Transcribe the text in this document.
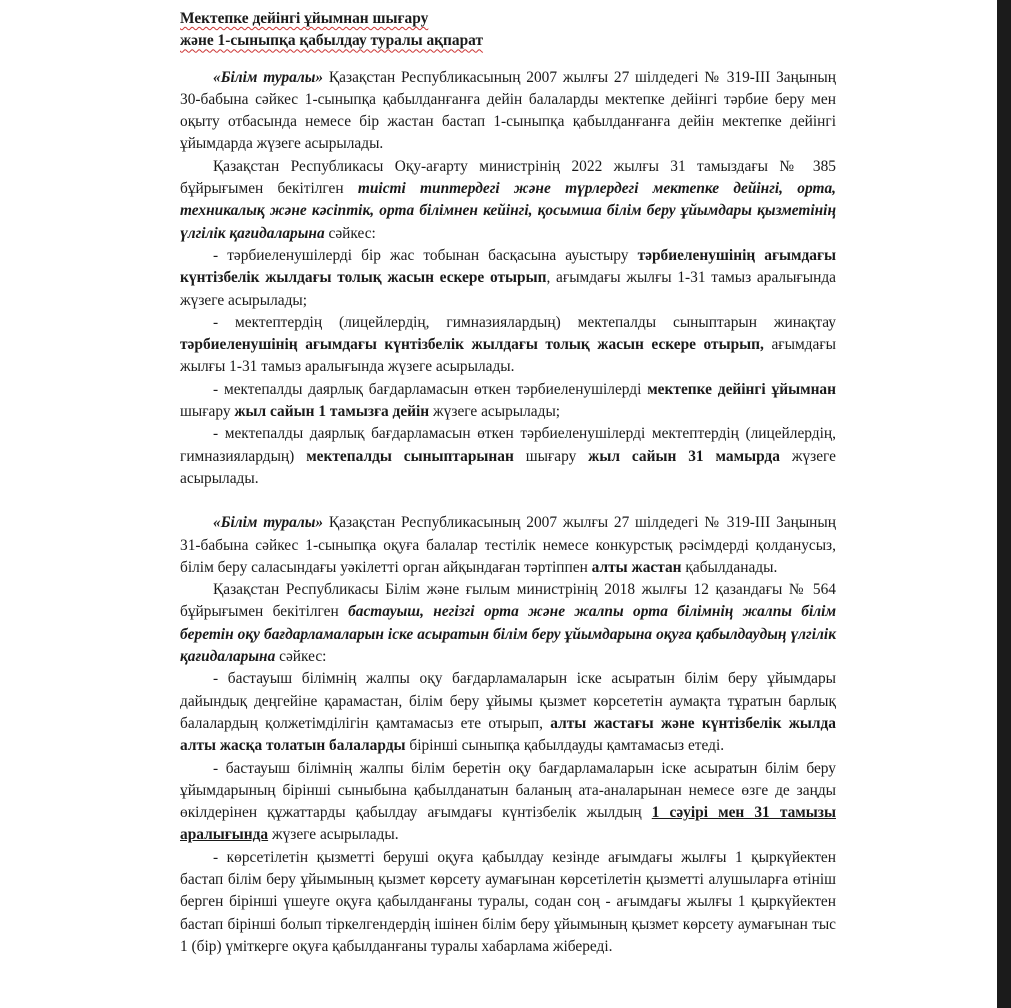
Мектепке дейінгі ұйымнан шығару
және 1-сыныпқа қабылдау туралы ақпарат

«Білім туралы» Қазақстан Республикасының 2007 жылғы 27 шілдедегі № 319-III Заңының 30-бабына сәйкес 1-сыныпқа қабылданғанға дейін балаларды мектепке дейінгі тәрбие беру мен оқыту отбасында немесе бір жастан бастап 1-сыныпқа қабылданғанға дейін мектепке дейінгі ұйымдарда жүзеге асырылады.

Қазақстан Республикасы Оқу-ағарту министрінің 2022 жылғы 31 тамыздағы № 385 бұйрығымен бекітілген тиісті типтердегі және түрлердегі мектепке дейінгі, орта, техникалық және кәсіптік, орта білімнен кейінгі, қосымша білім беру ұйымдары қызметінің үлгілік қағидаларына сәйкес:

- тәрбиеленушілерді бір жас тобынан басқасына ауыстыру тәрбиеленушінің ағымдағы күнтізбелік жылдағы толық жасын ескере отырып, ағымдағы жылғы 1-31 тамыз аралығында жүзеге асырылады;

- мектептердің (лицейлердің, гимназиялардың) мектепалды сыныптарын жинақтау тәрбиеленушінің ағымдағы күнтізбелік жылдағы толық жасын ескере отырып, ағымдағы жылғы 1-31 тамыз аралығында жүзеге асырылады.

- мектепалды даярлық бағдарламасын өткен тәрбиеленушілерді мектепке дейінгі ұйымнан шығару жыл сайын 1 тамызға дейін жүзеге асырылады;

- мектепалды даярлық бағдарламасын өткен тәрбиеленушілерді мектептердің (лицейлердің, гимназиялардың) мектепалды сыныптарынан шығару жыл сайын 31 мамырда жүзеге асырылады.

«Білім туралы» Қазақстан Республикасының 2007 жылғы 27 шілдедегі № 319-III Заңының 31-бабына сәйкес 1-сыныпқа оқуға балалар тестілік немесе конкурстық рәсімдерді қолданусыз, білім беру саласындағы уәкілетті орган айқындаған тәртіппен алты жастан қабылданады.

Қазақстан Республикасы Білім және ғылым министрінің 2018 жылғы 12 қазандағы № 564 бұйрығымен бекітілген бастауыш, негізгі орта және жалпы орта білімнің жалпы білім беретін оқу бағдарламаларын іске асыратын білім беру ұйымдарына оқуға қабылдаудың үлгілік қағидаларына сәйкес:

- бастауыш білімнің жалпы оқу бағдарламаларын іске асыратын білім беру ұйымдары дайындық деңгейіне қарамастан, білім беру ұйымы қызмет көрсететін аумақта тұратын барлық балалардың қолжетімділігін қамтамасыз ете отырып, алты жастағы және күнтізбелік жылда алты жасқа толатын балаларды бірінші сыныпқа қабылдауды қамтамасыз етеді.

- бастауыш білімнің жалпы білім беретін оқу бағдарламаларын іске асыратын білім беру ұйымдарының бірінші сыныбына қабылданатын баланың ата-аналарынан немесе өзге де заңды өкілдерінен құжаттарды қабылдау ағымдағы күнтізбелік жылдың 1 сәуірі мен 31 тамызы аралығында жүзеге асырылады.

- көрсетілетін қызметті беруші оқуға қабылдау кезінде ағымдағы жылғы 1 қыркүйектен бастап білім беру ұйымының қызмет көрсету аумағынан көрсетілетін қызметті алушыларға өтініш берген бірінші үшеуге оқуға қабылданғаны туралы, содан соң - ағымдағы жылғы 1 қыркүйектен бастап бірінші болып тіркелгендердің ішінен білім беру ұйымының қызмет көрсету аумағынан тыс 1 (бір) үміткерге оқуға қабылданғаны туралы хабарлама жібереді.
